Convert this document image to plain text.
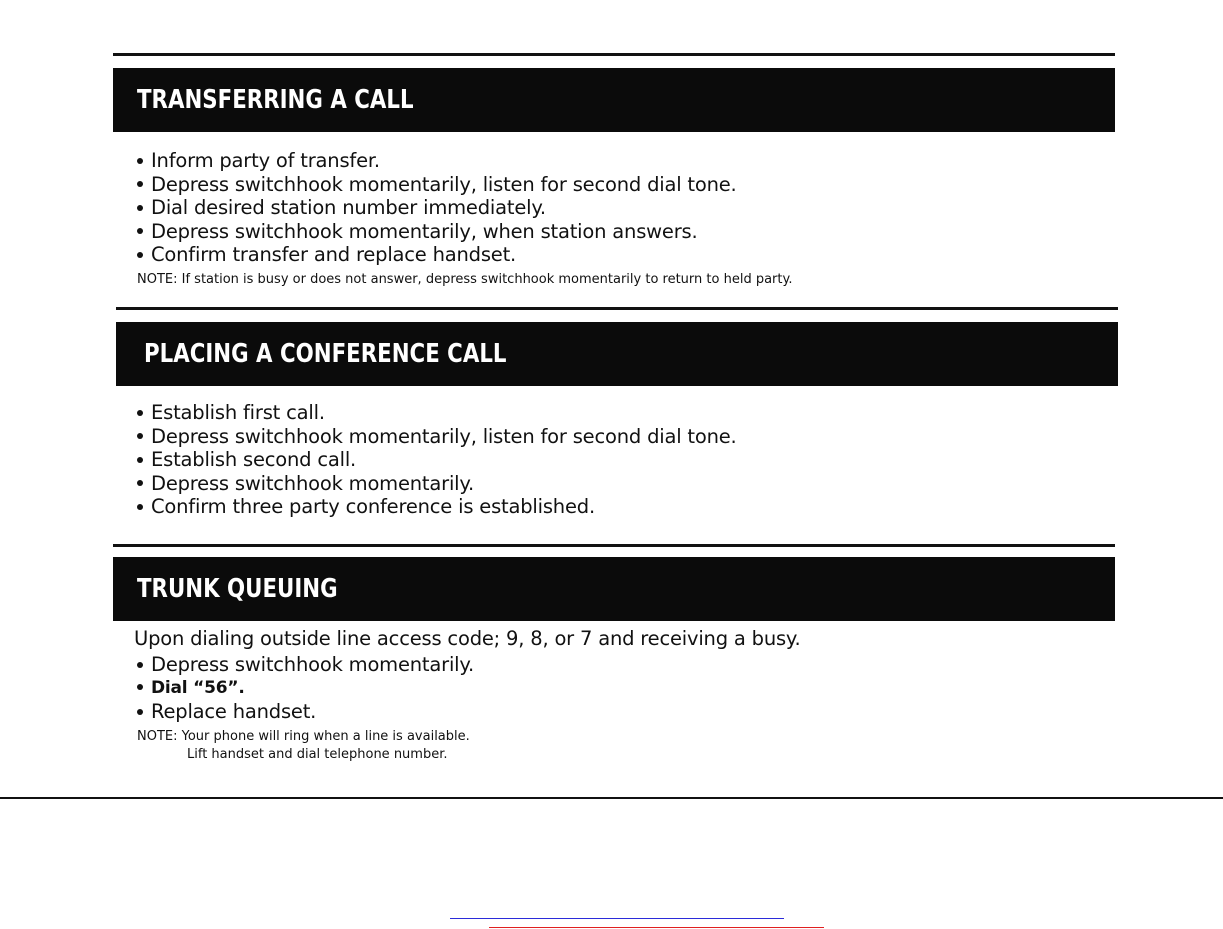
TRANSFERRING A CALL
Inform party of transfer.
Depress switchhook momentarily, listen for second dial tone.
Dial desired station number immediately.
Depress switchhook momentarily, when station answers.
Confirm transfer and replace handset.
NOTE: If station is busy or does not answer, depress switchhook momentarily to return to held party.
PLACING A CONFERENCE CALL
Establish first call.
Depress switchhook momentarily, listen for second dial tone.
Establish second call.
Depress switchhook momentarily.
Confirm three party conference is established.
TRUNK QUEUING
Upon dialing outside line access code; 9, 8, or 7 and receiving a busy.
Depress switchhook momentarily.
Dial “56”.
Replace handset.
NOTE: Your phone will ring when a line is available.
Lift handset and dial telephone number.
